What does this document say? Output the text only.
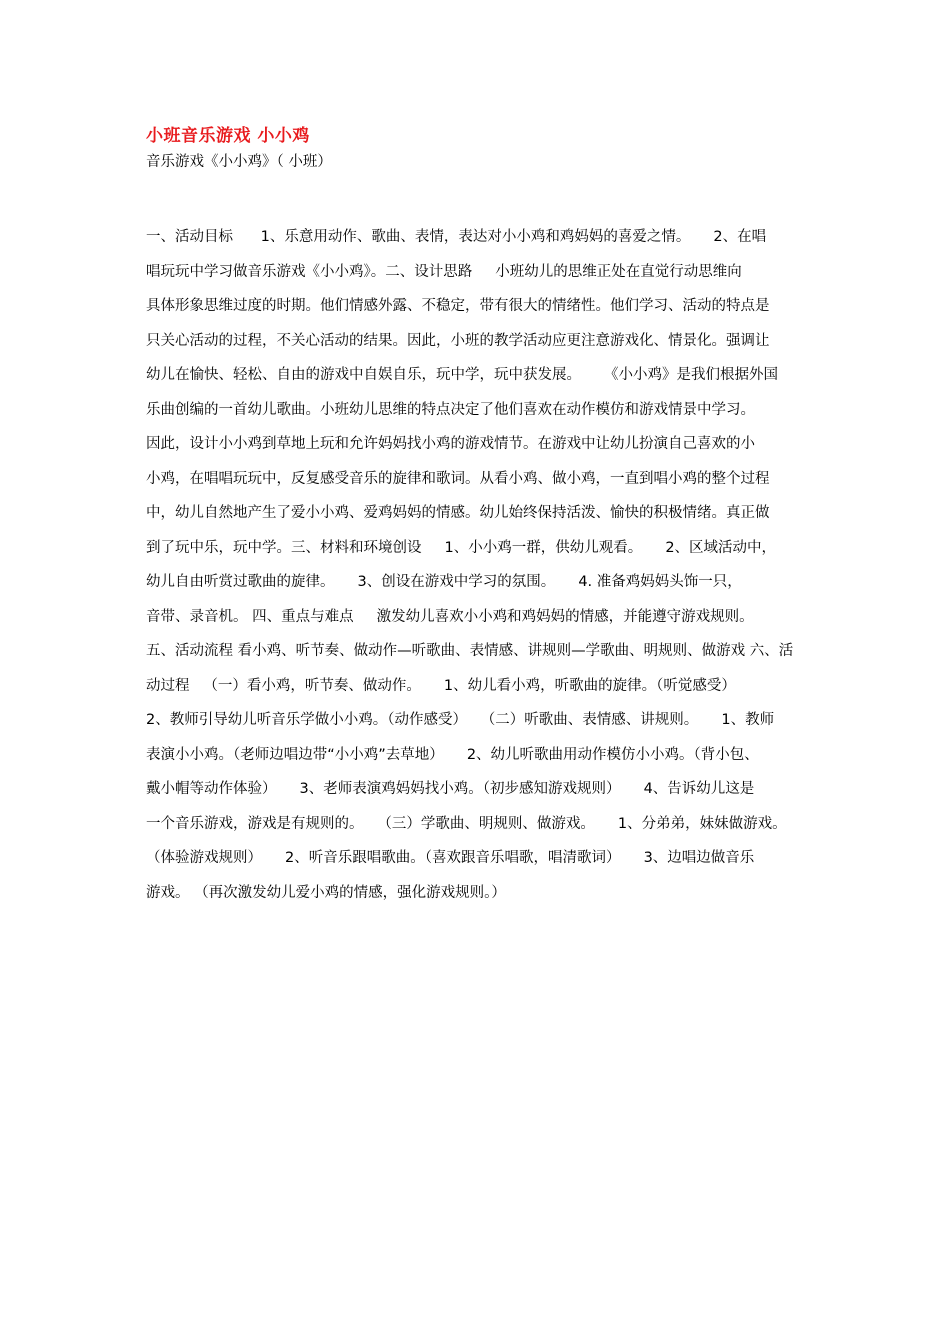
小班音乐游戏 小小鸡
音乐游戏《小小鸡》（ 小班）
一、活动目标      1、乐意用动作、歌曲、表情，表达对小小鸡和鸡妈妈的喜爱之情。     2、在唱
唱玩玩中学习做音乐游戏《小小鸡》。二、设计思路     小班幼儿的思维正处在直觉行动思维向
具体形象思维过度的时期。他们情感外露、不稳定，带有很大的情绪性。他们学习、活动的特点是
只关心活动的过程，不关心活动的结果。因此，小班的教学活动应更注意游戏化、情景化。强调让
幼儿在愉快、轻松、自由的游戏中自娱自乐，玩中学，玩中获发展。     《小小鸡》是我们根据外国
乐曲创编的一首幼儿歌曲。小班幼儿思维的特点决定了他们喜欢在动作模仿和游戏情景中学习。
因此，设计小小鸡到草地上玩和允许妈妈找小鸡的游戏情节。在游戏中让幼儿扮演自己喜欢的小
小鸡，在唱唱玩玩中，反复感受音乐的旋律和歌词。从看小鸡、做小鸡，一直到唱小鸡的整个过程
中，幼儿自然地产生了爱小小鸡、爱鸡妈妈的情感。幼儿始终保持活泼、愉快的积极情绪。真正做
到了玩中乐，玩中学。三、材料和环境创设     1、小小鸡一群，供幼儿观看。     2、区域活动中，
幼儿自由听赏过歌曲的旋律。     3、创设在游戏中学习的氛围。     4. 准备鸡妈妈头饰一只，
音带、录音机。 四、重点与难点     激发幼儿喜欢小小鸡和鸡妈妈的情感，并能遵守游戏规则。
五、活动流程 看小鸡、听节奏、做动作—听歌曲、表情感、讲规则—学歌曲、明规则、做游戏 六、活
动过程   （一）看小鸡，听节奏、做动作。     1、幼儿看小鸡，听歌曲的旋律。（听觉感受）
2、教师引导幼儿听音乐学做小小鸡。（动作感受）   （二）听歌曲、表情感、讲规则。     1、教师
表演小小鸡。（老师边唱边带“小小鸡”去草地）     2、幼儿听歌曲用动作模仿小小鸡。（背小包、
戴小帽等动作体验）     3、老师表演鸡妈妈找小鸡。（初步感知游戏规则）     4、告诉幼儿这是
一个音乐游戏，游戏是有规则的。   （三）学歌曲、明规则、做游戏。     1、分弟弟，妹妹做游戏。
（体验游戏规则）     2、听音乐跟唱歌曲。（喜欢跟音乐唱歌，唱清歌词）     3、边唱边做音乐
游戏。 （再次激发幼儿爱小鸡的情感，强化游戏规则。）
